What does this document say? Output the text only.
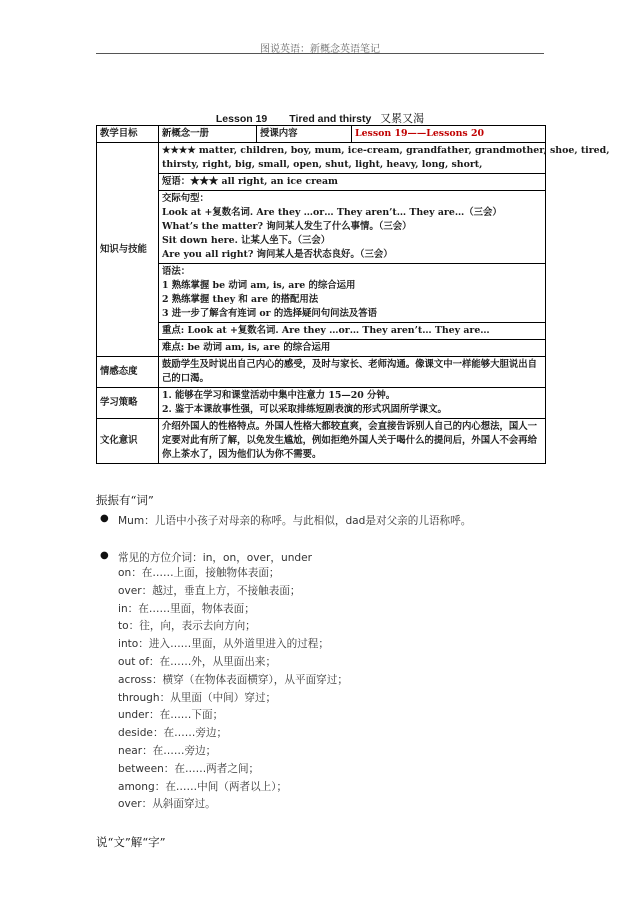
图说英语：新概念英语笔记
Lesson 19 Tired and thirsty 又累又渴
教学目标	新概念一册	授课内容	Lesson 19——Lessons 20
知识与技能	★★★★ matter, children, boy, mum, ice-cream, grandfather, grandmother, shoe, tired,
thirsty, right, big, small, open, shut, light, heavy, long, short,		

	短语：★★★ all right, an ice cream		

	交际句型：
Look at +复数名词. Are they …or… They aren’t… They are…（三会）
What’s the matter? 询问某人发生了什么事情。（三会）
Sit down here. 让某人坐下。（三会）
Are you all right? 询问某人是否状态良好。（三会）		

	语法：
1 熟练掌握 be 动词 am, is, are 的综合运用
2 熟练掌握 they 和 are 的搭配用法
3 进一步了解含有连词 or 的选择疑问句问法及答语		

	重点: Look at +复数名词. Are they …or… They aren’t… They are…		
	难点: be 动词 am, is, are 的综合运用		
情感态度	鼓励学生及时说出自己内心的感受，及时与家长、老师沟通。像课文中一样能够大胆说出自己的口渴。		
学习策略	1. 能够在学习和课堂活动中集中注意力 15—20 分钟。
2. 鉴于本课故事性强，可以采取排练短剧表演的形式巩固所学课文。		

文化意识	介绍外国人的性格特点。外国人性格大都较直爽，会直接告诉别人自己的内心想法，国人一定要对此有所了解，以免发生尴尬，例如拒绝外国人关于喝什么的提问后，外国人不会再给你上茶水了，因为他们认为你不需要。		
振振有“词”
● Mum：儿语中小孩子对母亲的称呼。与此相似，dad是对父亲的儿语称呼。
● 常见的方位介词：in，on，over，under
on：在……上面，接触物体表面；
over：越过，垂直上方，不接触表面；
in：在……里面，物体表面；
to：往，向，表示去向方向；
into：进入……里面，从外道里进入的过程；
out of：在……外，从里面出来；
across：横穿（在物体表面横穿），从平面穿过；
through：从里面（中间）穿过；
under：在……下面；
deside：在……旁边；
near：在……旁边；
between：在……两者之间；
among：在……中间（两者以上）；
over：从斜面穿过。
说“文”解“字”
